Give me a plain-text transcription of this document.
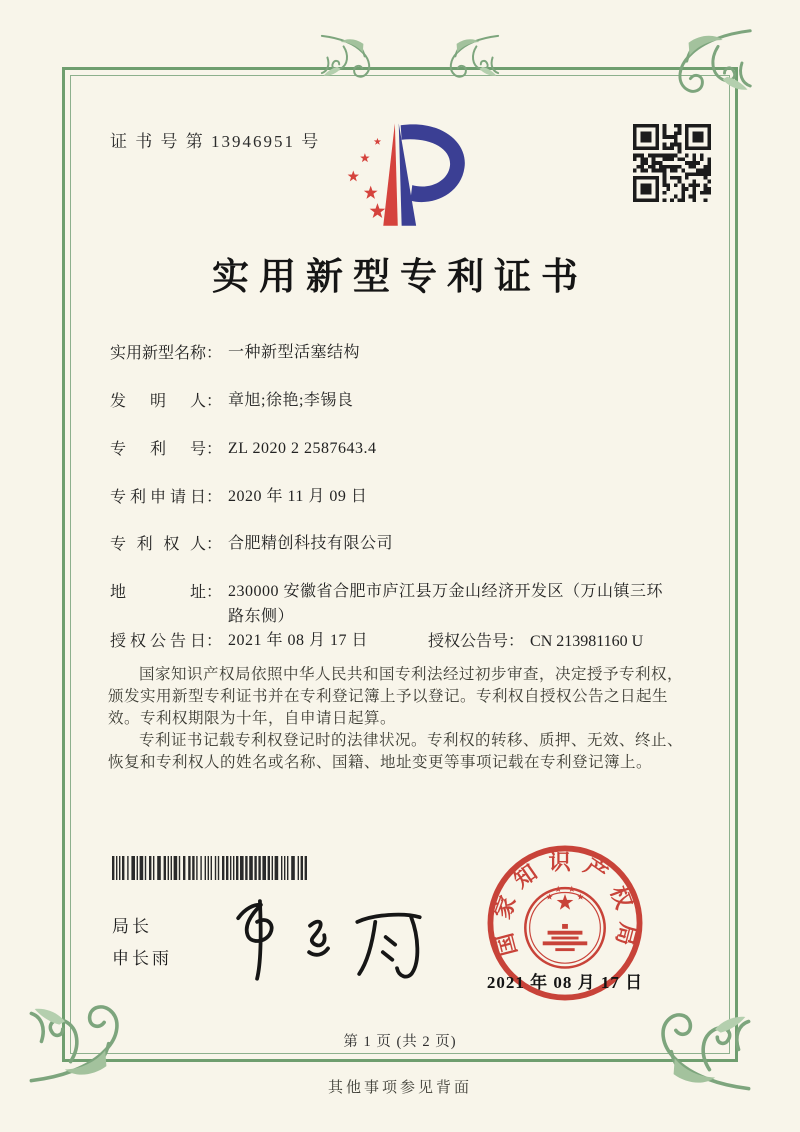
证 书 号 第 13946951 号
实用新型专利证书
实用新型名称： 一种新型活塞结构
发明人： 章旭;徐艳;李锡良
专利号： ZL 2020 2 2587643.4
专利申请日： 2020 年 11 月 09 日
专利权人： 合肥精创科技有限公司
地址： 230000 安徽省合肥市庐江县万金山经济开发区（万山镇三环路东侧）
授权公告日： 2021 年 08 月 17 日	授权公告号： CN 213981160 U

国家知识产权局依照中华人民共和国专利法经过初步审查，决定授予专利权，颁发实用新型专利证书并在专利登记簿上予以登记。专利权自授权公告之日起生效。专利权期限为十年，自申请日起算。

专利证书记载专利权登记时的法律状况。专利权的转移、质押、无效、终止、恢复和专利权人的姓名或名称、国籍、地址变更等事项记载在专利登记簿上。

局长
申长雨
国家知识产权局
2021 年 08 月 17 日
第 1 页 (共 2 页)
其他事项参见背面
